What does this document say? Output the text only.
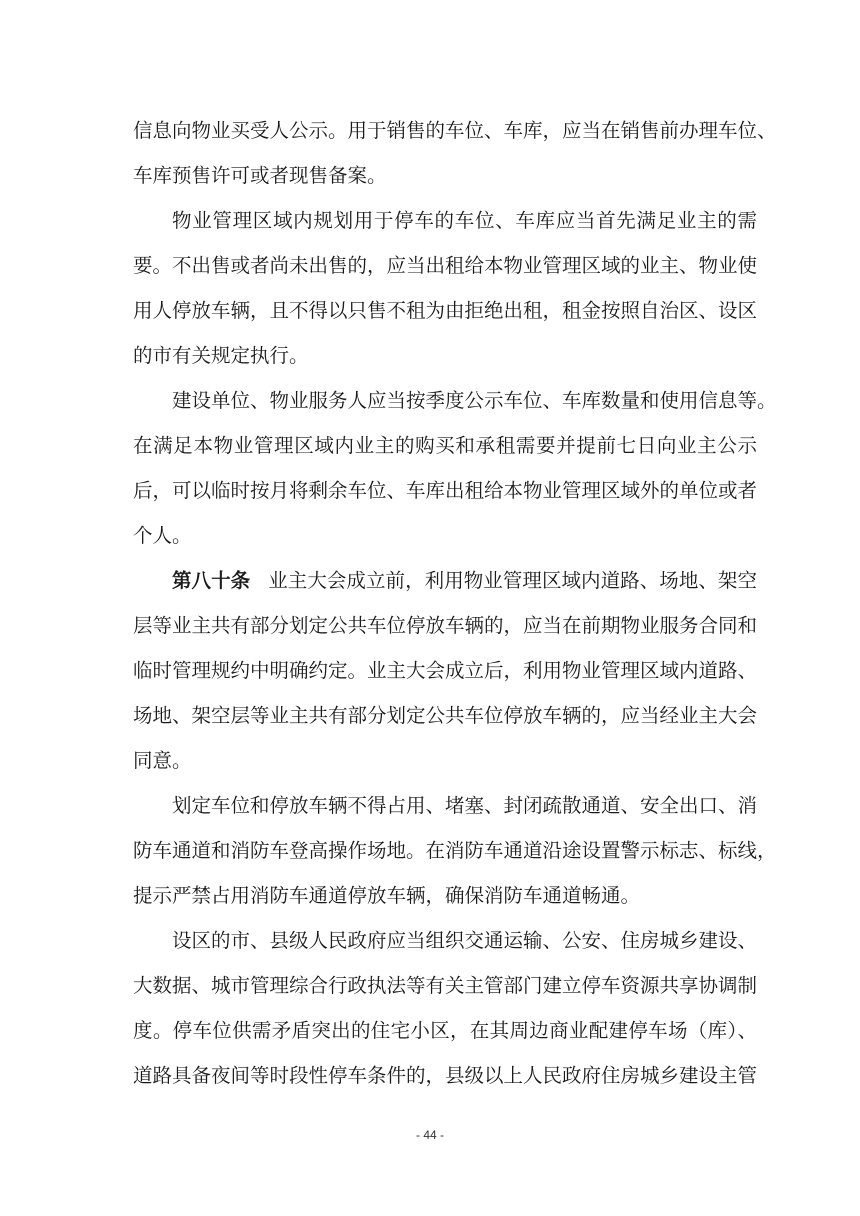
信息向物业买受人公示。用于销售的车位、车库，应当在销售前办理车位、
车库预售许可或者现售备案。
物业管理区域内规划用于停车的车位、车库应当首先满足业主的需
要。不出售或者尚未出售的，应当出租给本物业管理区域的业主、物业使
用人停放车辆，且不得以只售不租为由拒绝出租，租金按照自治区、设区
的市有关规定执行。
建设单位、物业服务人应当按季度公示车位、车库数量和使用信息等。
在满足本物业管理区域内业主的购买和承租需要并提前七日向业主公示
后，可以临时按月将剩余车位、车库出租给本物业管理区域外的单位或者
个人。
第八十条 业主大会成立前，利用物业管理区域内道路、场地、架空
层等业主共有部分划定公共车位停放车辆的，应当在前期物业服务合同和
临时管理规约中明确约定。业主大会成立后，利用物业管理区域内道路、
场地、架空层等业主共有部分划定公共车位停放车辆的，应当经业主大会
同意。
划定车位和停放车辆不得占用、堵塞、封闭疏散通道、安全出口、消
防车通道和消防车登高操作场地。在消防车通道沿途设置警示标志、标线，
提示严禁占用消防车通道停放车辆，确保消防车通道畅通。
设区的市、县级人民政府应当组织交通运输、公安、住房城乡建设、
大数据、城市管理综合行政执法等有关主管部门建立停车资源共享协调制
度。停车位供需矛盾突出的住宅小区，在其周边商业配建停车场（库）、
道路具备夜间等时段性停车条件的，县级以上人民政府住房城乡建设主管
- 44 -
